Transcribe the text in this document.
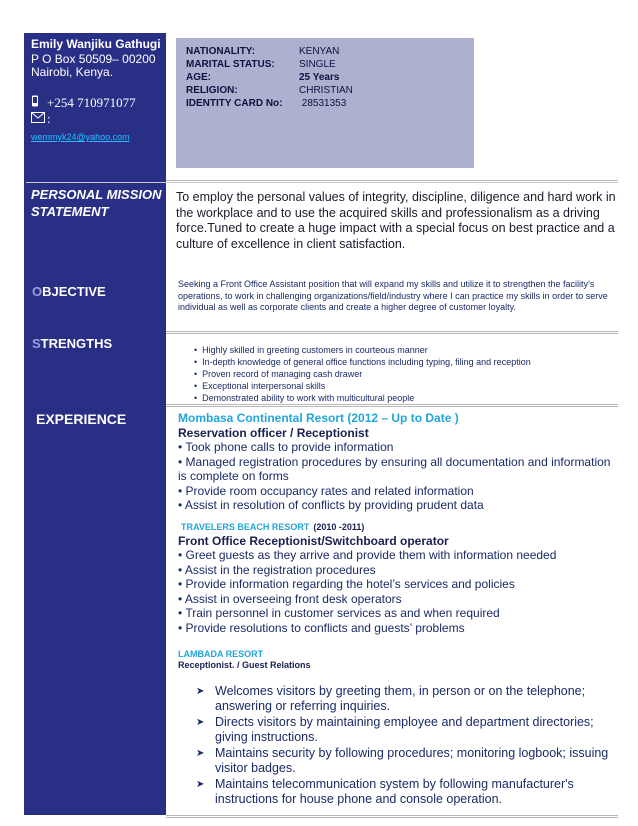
Emily Wanjiku Gathugi
P O Box 50509– 00200
Nairobi, Kenya.
+254 710971077
:
wemmyk24@yahoo.com
NATIONALITY:	KENYAN
MARITAL STATUS:	SINGLE
AGE:	25 Years
RELIGION:	CHRISTIAN
IDENTITY CARD No:	28531353
PERSONAL MISSION
STATEMENT
To employ the personal values of integrity, discipline, diligence and hard work in the workplace and to use the acquired skills and professionalism as a driving force.Tuned to create a huge impact with a special focus on best practice and a culture of excellence in client satisfaction.
OBJECTIVE	Seeking a Front Office Assistant position that will expand my skills and utilize it to strengthen the facility’s operations, to work in challenging organizations/field/industry where I can practice my skills in order to serve individual as well as corporate clients and create a higher degree of customer loyalty.
STRENGTHS
•	Highly skilled in greeting customers in courteous manner
• In-depth knowledge of general office functions including typing, filing and reception
• Proven record of managing cash drawer
• Exceptional interpersonal skills
• Demonstrated ability to work with multicultural people
EXPERIENCE	Mombasa Continental Resort (2012 – Up to Date )
Reservation officer / Receptionist
• Took phone calls to provide information
• Managed registration procedures by ensuring all documentation and information is complete on forms
• Provide room occupancy rates and related information
• Assist in resolution of conflicts by providing prudent data
TRAVELERS BEACH RESORT (2010 -2011)
Front Office Receptionist/Switchboard operator
• Greet guests as they arrive and provide them with information needed
• Assist in the registration procedures
• Provide information regarding the hotel’s services and policies
• Assist in overseeing front desk operators
• Train personnel in customer services as and when required
• Provide resolutions to conflicts and guests’ problems
LAMBADA RESORT
Receptionist. / Guest Relations
➤ Welcomes visitors by greeting them, in person or on the telephone; answering or referring inquiries.
➤ Directs visitors by maintaining employee and department directories; giving instructions.
➤ Maintains security by following procedures; monitoring logbook; issuing visitor badges.
➤ Maintains telecommunication system by following manufacturer's instructions for house phone and console operation.
